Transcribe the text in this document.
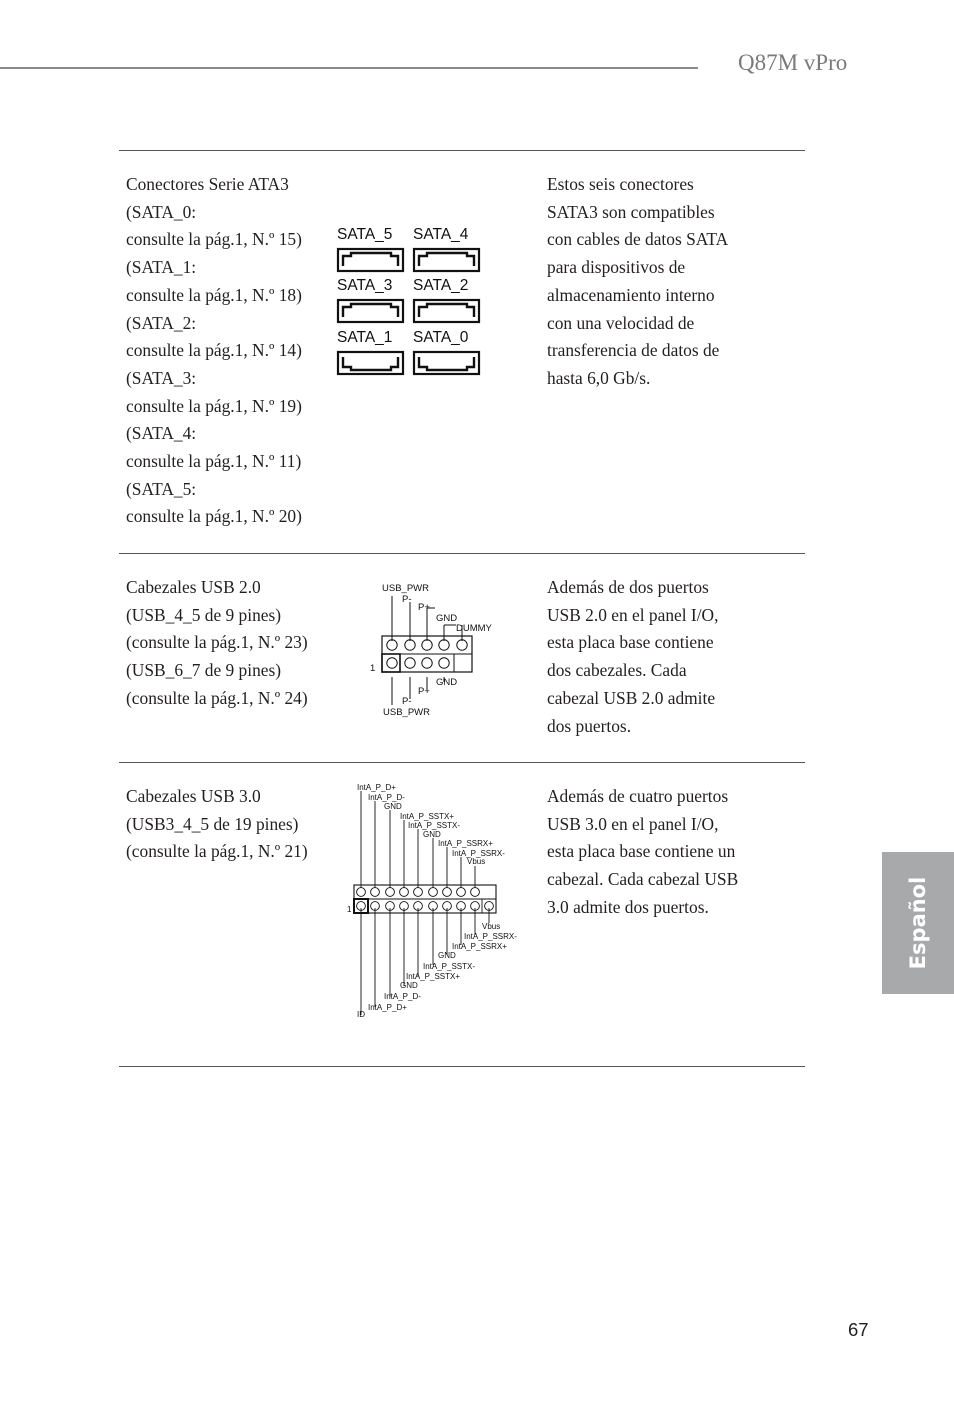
Q87M vPro
Conectores Serie ATA3
(SATA_0:
consulte la pág.1, N.º 15)
(SATA_1:
consulte la pág.1, N.º 18)
(SATA_2:
consulte la pág.1, N.º 14)
(SATA_3:
consulte la pág.1, N.º 19)
(SATA_4:
consulte la pág.1, N.º 11)
(SATA_5:
consulte la pág.1, N.º 20)
Estos seis conectores
SATA3 son compatibles
con cables de datos SATA
para dispositivos de
almacenamiento interno
con una velocidad de
transferencia de datos de
hasta 6,0 Gb/s.
SATA_5 SATA_4
SATA_3 SATA_2
SATA_1 SATA_0
Cabezales USB 2.0
(USB_4_5 de 9 pines)
(consulte la pág.1, N.º 23)
(USB_6_7 de 9 pines)
(consulte la pág.1, N.º 24)
Además de dos puertos
USB 2.0 en el panel I/O,
esta placa base contiene
dos cabezales. Cada
cabezal USB 2.0 admite
dos puertos.
USB_PWR
P-
P+
GND
DUMMY
1
GND
P+
P-
USB_PWR
Cabezales USB 3.0
(USB3_4_5 de 19 pines)
(consulte la pág.1, N.º 21)
Además de cuatro puertos
USB 3.0 en el panel I/O,
esta placa base contiene un
cabezal. Cada cabezal USB
3.0 admite dos puertos.
IntA_P_D+
IntA_P_D-
GND
IntA_P_SSTX+
IntA_P_SSTX-
GND
IntA_P_SSRX+
IntA_P_SSRX-
Vbus
1
Vbus
IntA_P_SSRX-
IntA_P_SSRX+
GND
IntA_P_SSTX-
IntA_P_SSTX+
GND
IntA_P_D-
IntA_P_D+
ID
Español
67
